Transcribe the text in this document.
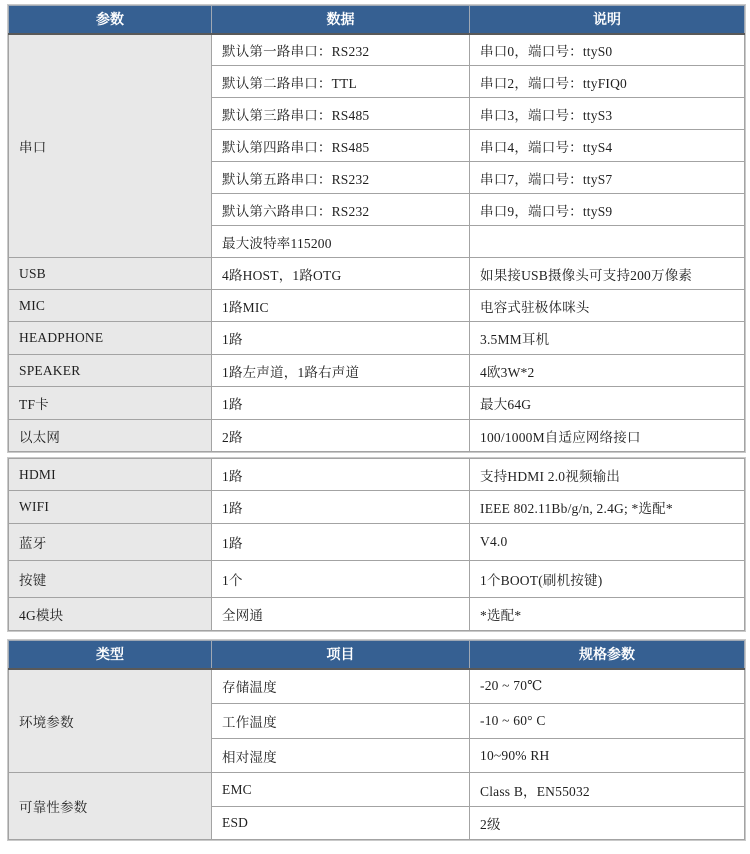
参数	数据	说明
串口	默认第一路串口：RS232	串口0，端口号：ttyS0
	默认第二路串口：TTL	串口2，端口号：ttyFIQ0
	默认第三路串口：RS485	串口3，端口号：ttyS3
	默认第四路串口：RS485	串口4，端口号：ttyS4
	默认第五路串口：RS232	串口7，端口号：ttyS7
	默认第六路串口：RS232	串口9，端口号：ttyS9
	最大波特率115200	
USB	4路HOST，1路OTG	如果接USB摄像头可支持200万像素
MIC	1路MIC	电容式驻极体咪头
HEADPHONE	1路	3.5MM耳机
SPEAKER	1路左声道，1路右声道	4欧3W*2
TF卡	1路	最大64G
以太网	2路	100/1000M自适应网络接口
HDMI	1路	支持HDMI 2.0视频输出
WIFI	1路	IEEE 802.11Bb/g/n, 2.4G; *选配*
蓝牙	1路	V4.0
按键	1个	1个BOOT(刷机按键)
4G模块	全网通	*选配*
类型	项目	规格参数
环境参数	存储温度	-20 ~ 70℃
	工作温度	-10 ~ 60° C
	相对湿度	10~90% RH
可靠性参数	EMC	Class B，EN55032
	ESD	2级
